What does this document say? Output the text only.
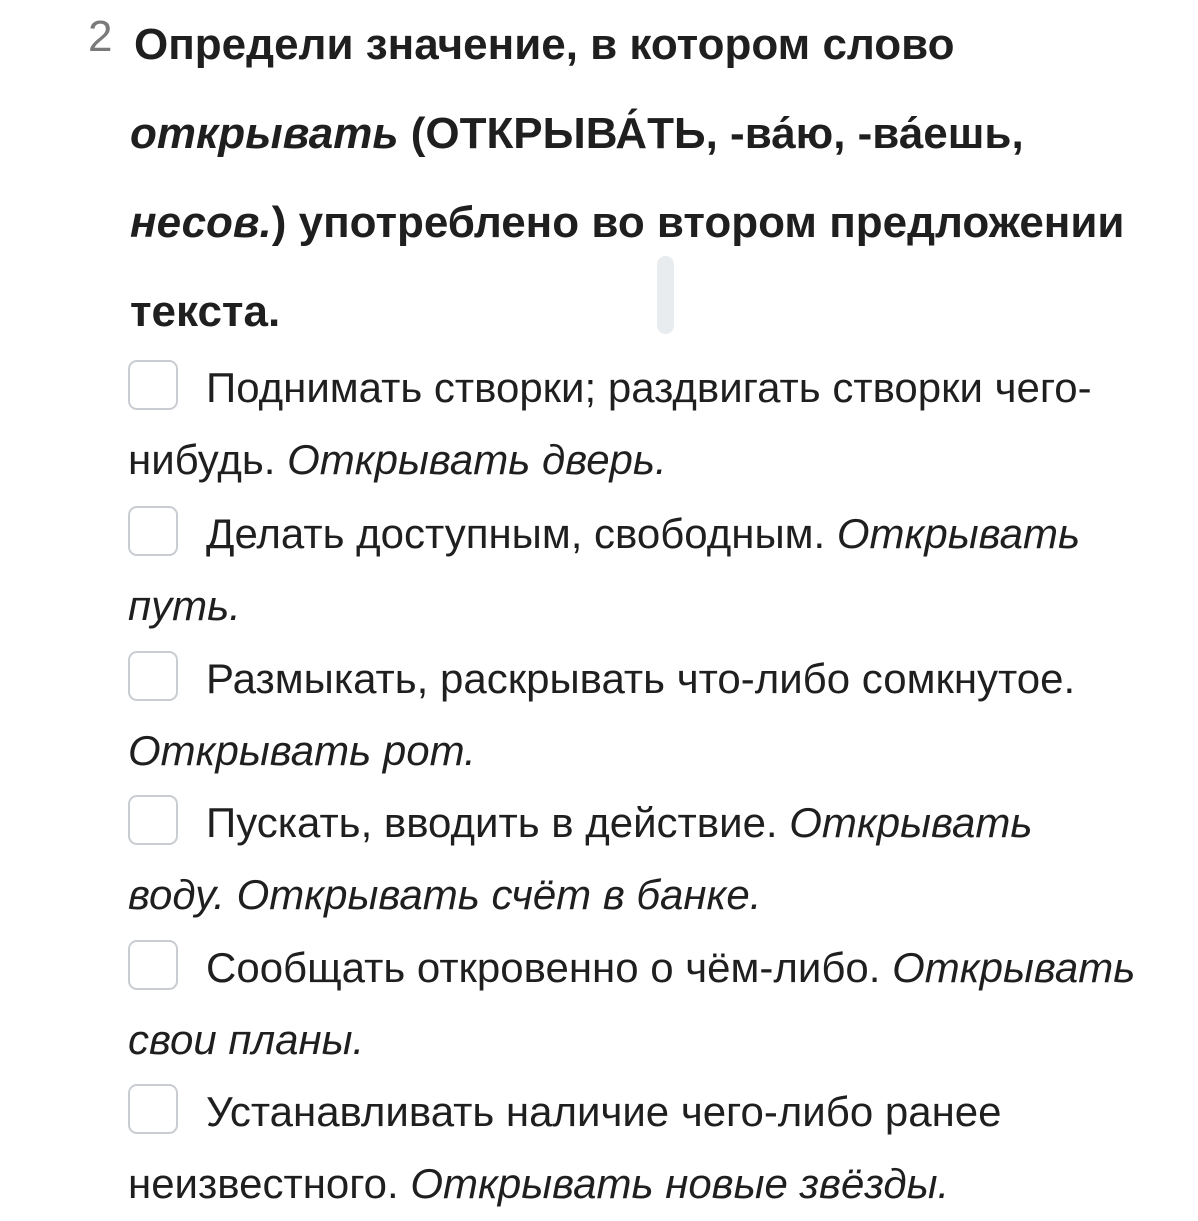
2 Определи значение, в котором слово
открывать (ОТКРЫВА́ТЬ, -ва́ю, -ва́ешь,
несов.) употреблено во втором предложении текста.

Поднимать створки; раздвигать створки чего-нибудь. Открывать дверь.
Делать доступным, свободным. Открывать путь.
Размыкать, раскрывать что-либо сомкнутое. Открывать рот.
Пускать, вводить в действие. Открывать воду. Открывать счёт в банке.
Сообщать откровенно о чём-либо. Открывать свои планы.
Устанавливать наличие чего-либо ранее неизвестного. Открывать новые звёзды.
